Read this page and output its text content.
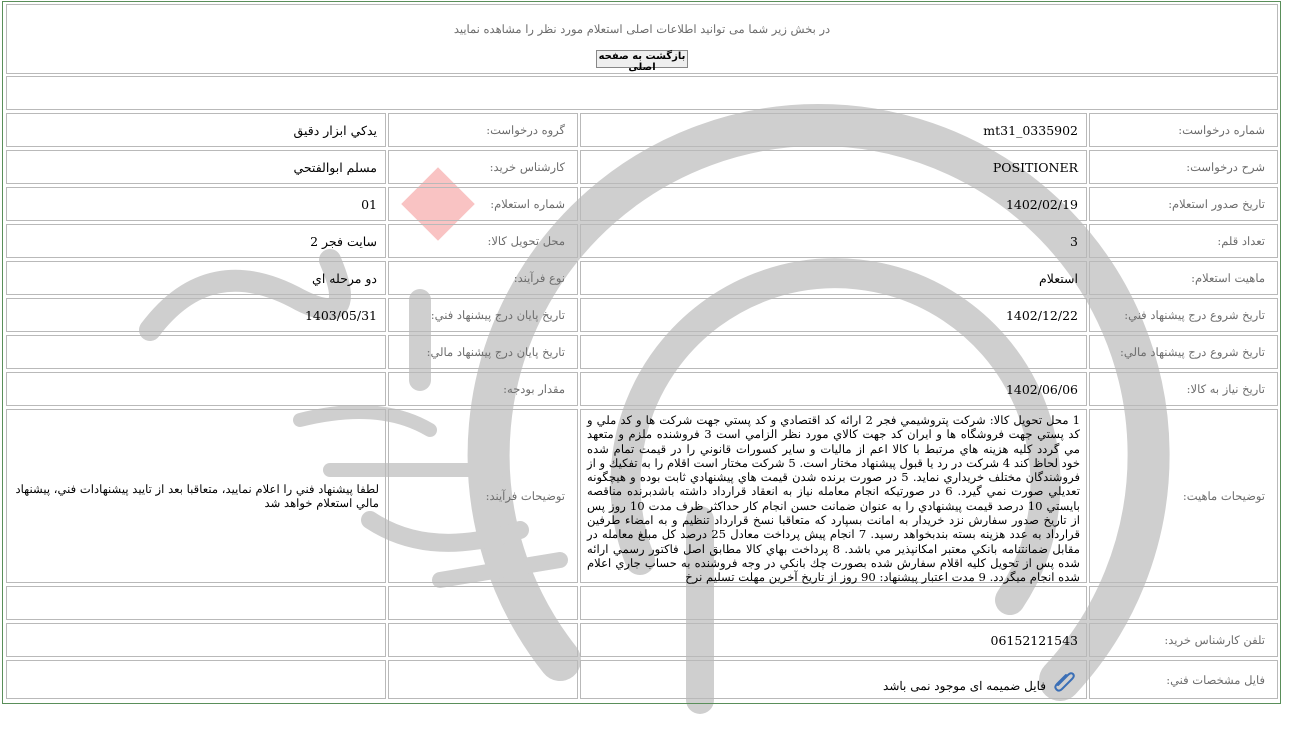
در بخش زیر شما می توانید اطلاعات اصلی استعلام مورد نظر را مشاهده نمایید
بازگشت به صفحه اصلی
شماره درخواست:
mt31_0335902
گروه درخواست:
يدكي ابزار دقيق
شرح درخواست:
POSITIONER
كارشناس خريد:
مسلم ابوالفتحي
تاريخ صدور استعلام:
1402/02/19
شماره استعلام:
01
تعداد قلم:
3
محل تحويل كالا:
سايت فجر 2
ماهيت استعلام:
استعلام
نوع فرآيند:
دو مرحله اي
تاريخ شروع درج پيشنهاد فني:
1402/12/22
تاريخ پايان درج پيشنهاد فني:
1403/05/31
تاريخ شروع درج پيشنهاد مالي:
تاريخ پايان درج پيشنهاد مالي:
تاريخ نياز به كالا:
1402/06/06
مقدار بودجه:
توضيحات ماهيت:
1 محل تحويل كالا: شركت پتروشيمي فجر 2 ارائه كد اقتصادي و كد پستي جهت شركت ها و كد ملي و كد پستي جهت فروشگاه ها و ايران كد جهت كالاي مورد نظر الزامي است 3 فروشنده ملزم و متعهد مي گردد كليه هزينه هاي مرتبط با كالا اعم از ماليات و ساير كسورات قانوني را در قيمت تمام شده خود لحاظ كند 4 شركت در رد يا قبول پيشنهاد مختار است. 5 شركت مختار است اقلام را به تفكيك و از فروشندگان مختلف خريداري نمايد. 5 در صورت برنده شدن قيمت هاي پيشنهادي ثابت بوده و هيچگونه تعديلي صورت نمي گيرد. 6 در صورتيكه انجام معامله نياز به انعقاد قرارداد داشته باشدبرنده مناقصه بايستي 10 درصد قيمت پيشنهادي را به عنوان ضمانت حسن انجام كار حداكثر ظرف مدت 10 روز پس از تاريخ صدور سفارش نزد خريدار به امانت بسپارد كه متعاقبا نسخ قرارداد تنظيم و به امضاء طرفين قرارداد به عدد هزينه بسته بندبخواهد رسيد. 7 انجام پيش پرداخت معادل 25 درصد كل مبلغ معامله در مقابل ضمانتنامه بانكي معتبر امكانپذير مي باشد. 8 پرداخت بهاي كالا مطابق اصل فاكتور رسمي ارائه شده پس از تحويل كليه اقلام سفارش شده بصورت چك بانكي در وجه فروشنده به حساب جاري اعلام شده انجام ميگردد. 9 مدت اعتبار پيشنهاد: 90 روز از تاريخ آخرين مهلت تسليم نرخ
توضيحات فرآيند:
لطفا پيشنهاد فني را اعلام نماييد، متعاقبا بعد از تاييد پيشنهادات فني، پيشنهاد مالي استعلام خواهد شد
تلفن كارشناس خريد:
06152121543
فايل مشخصات فني:
فایل ضمیمه ای موجود نمی باشد
